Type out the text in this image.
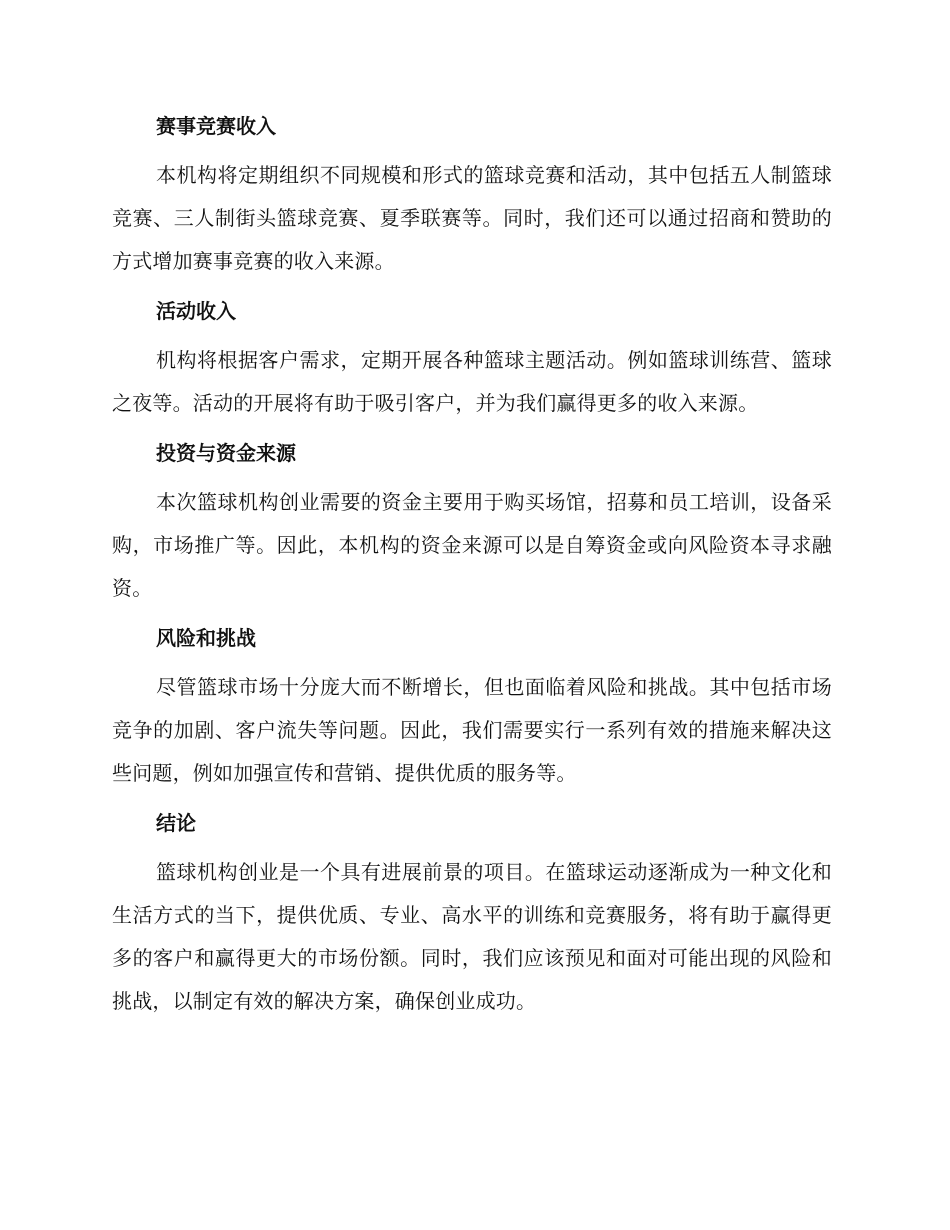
赛事竞赛收入

本机构将定期组织不同规模和形式的篮球竞赛和活动，其中包括五人制篮球竞赛、三人制街头篮球竞赛、夏季联赛等。同时，我们还可以通过招商和赞助的方式增加赛事竞赛的收入来源。

活动收入

机构将根据客户需求，定期开展各种篮球主题活动。例如篮球训练营、篮球之夜等。活动的开展将有助于吸引客户，并为我们赢得更多的收入来源。

投资与资金来源

本次篮球机构创业需要的资金主要用于购买场馆，招募和员工培训，设备采购，市场推广等。因此，本机构的资金来源可以是自筹资金或向风险资本寻求融资。

风险和挑战

尽管篮球市场十分庞大而不断增长，但也面临着风险和挑战。其中包括市场竞争的加剧、客户流失等问题。因此，我们需要实行一系列有效的措施来解决这些问题，例如加强宣传和营销、提供优质的服务等。

结论

篮球机构创业是一个具有进展前景的项目。在篮球运动逐渐成为一种文化和生活方式的当下，提供优质、专业、高水平的训练和竞赛服务，将有助于赢得更多的客户和赢得更大的市场份额。同时，我们应该预见和面对可能出现的风险和挑战，以制定有效的解决方案，确保创业成功。
